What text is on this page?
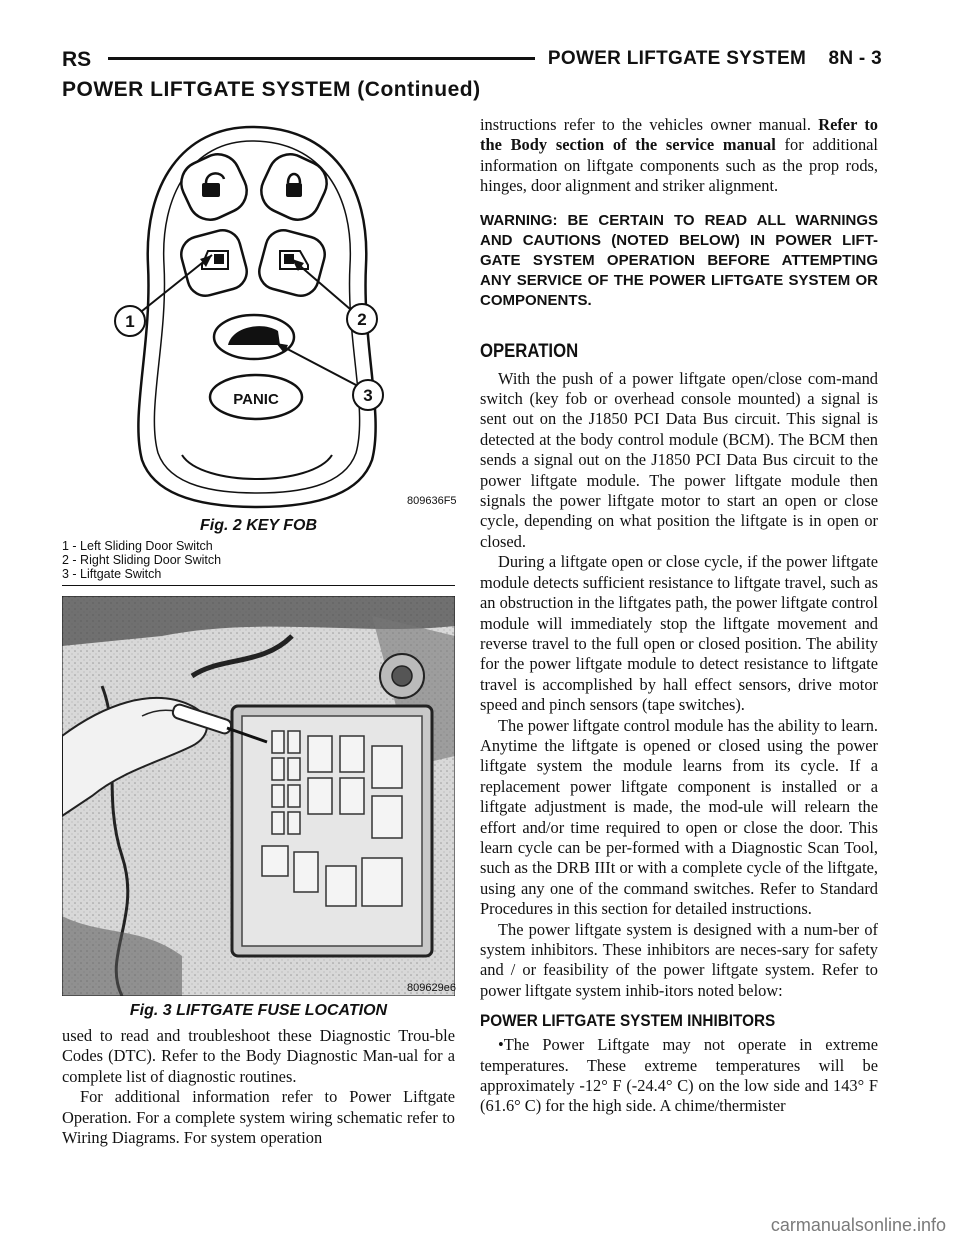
RS	POWER LIFTGATE SYSTEM    8N - 3
POWER LIFTGATE SYSTEM (Continued)
PANIC
1	2
3
809636F5
Fig. 2 KEY FOB
1 - Left Sliding Door Switch
2 - Right Sliding Door Switch
3 - Liftgate Switch
809629e6
Fig. 3 LIFTGATE FUSE LOCATION

used to read and troubleshoot these Diagnostic Trou-ble Codes (DTC). Refer to the Body Diagnostic Man-ual for a complete list of diagnostic routines.

For additional information refer to Power Liftgate Operation. For a complete system wiring schematic refer to Wiring Diagrams. For system operation

instructions refer to the vehicles owner manual. Refer to the Body section of the service manual for additional information on liftgate components such as the prop rods, hinges, door alignment and striker alignment.

WARNING: BE CERTAIN TO READ ALL WARNINGS AND CAUTIONS (NOTED BELOW) IN POWER LIFT-GATE SYSTEM OPERATION BEFORE ATTEMPTING ANY SERVICE OF THE POWER LIFTGATE SYSTEM OR COMPONENTS.

OPERATION

With the push of a power liftgate open/close com-mand switch (key fob or overhead console mounted) a signal is sent out on the J1850 PCI Data Bus circuit. This signal is detected at the body control module (BCM). The BCM then sends a signal out on the J1850 PCI Data Bus circuit to the power liftgate module. The power liftgate module then signals the power liftgate motor to start an open or close cycle, depending on what position the liftgate is in open or closed.

During a liftgate open or close cycle, if the power liftgate module detects sufficient resistance to liftgate travel, such as an obstruction in the liftgates path, the power liftgate control module will immediately stop the liftgate movement and reverse travel to the full open or closed position. The ability for the power liftgate module to detect resistance to liftgate travel is accomplished by hall effect sensors, drive motor speed and pinch sensors (tape switches).

The power liftgate control module has the ability to learn. Anytime the liftgate is opened or closed using the power liftgate system the module learns from its cycle. If a replacement power liftgate component is installed or a liftgate adjustment is made, the mod-ule will relearn the effort and/or time required to open or close the door. This learn cycle can be per-formed with a Diagnostic Scan Tool, such as the DRB IIIt or with a complete cycle of the liftgate, using any one of the command switches. Refer to Standard Procedures in this section for detailed instructions.

The power liftgate system is designed with a num-ber of system inhibitors. These inhibitors are neces-sary for safety and / or feasibility of the power liftgate system. Refer to power liftgate system inhib-itors noted below:

POWER LIFTGATE SYSTEM INHIBITORS

•The Power Liftgate may not operate in extreme temperatures. These extreme temperatures will be approximately -12° F (-24.4° C) on the low side and 143° F (61.6° C) for the high side. A chime/thermister

carmanualsonline.info
